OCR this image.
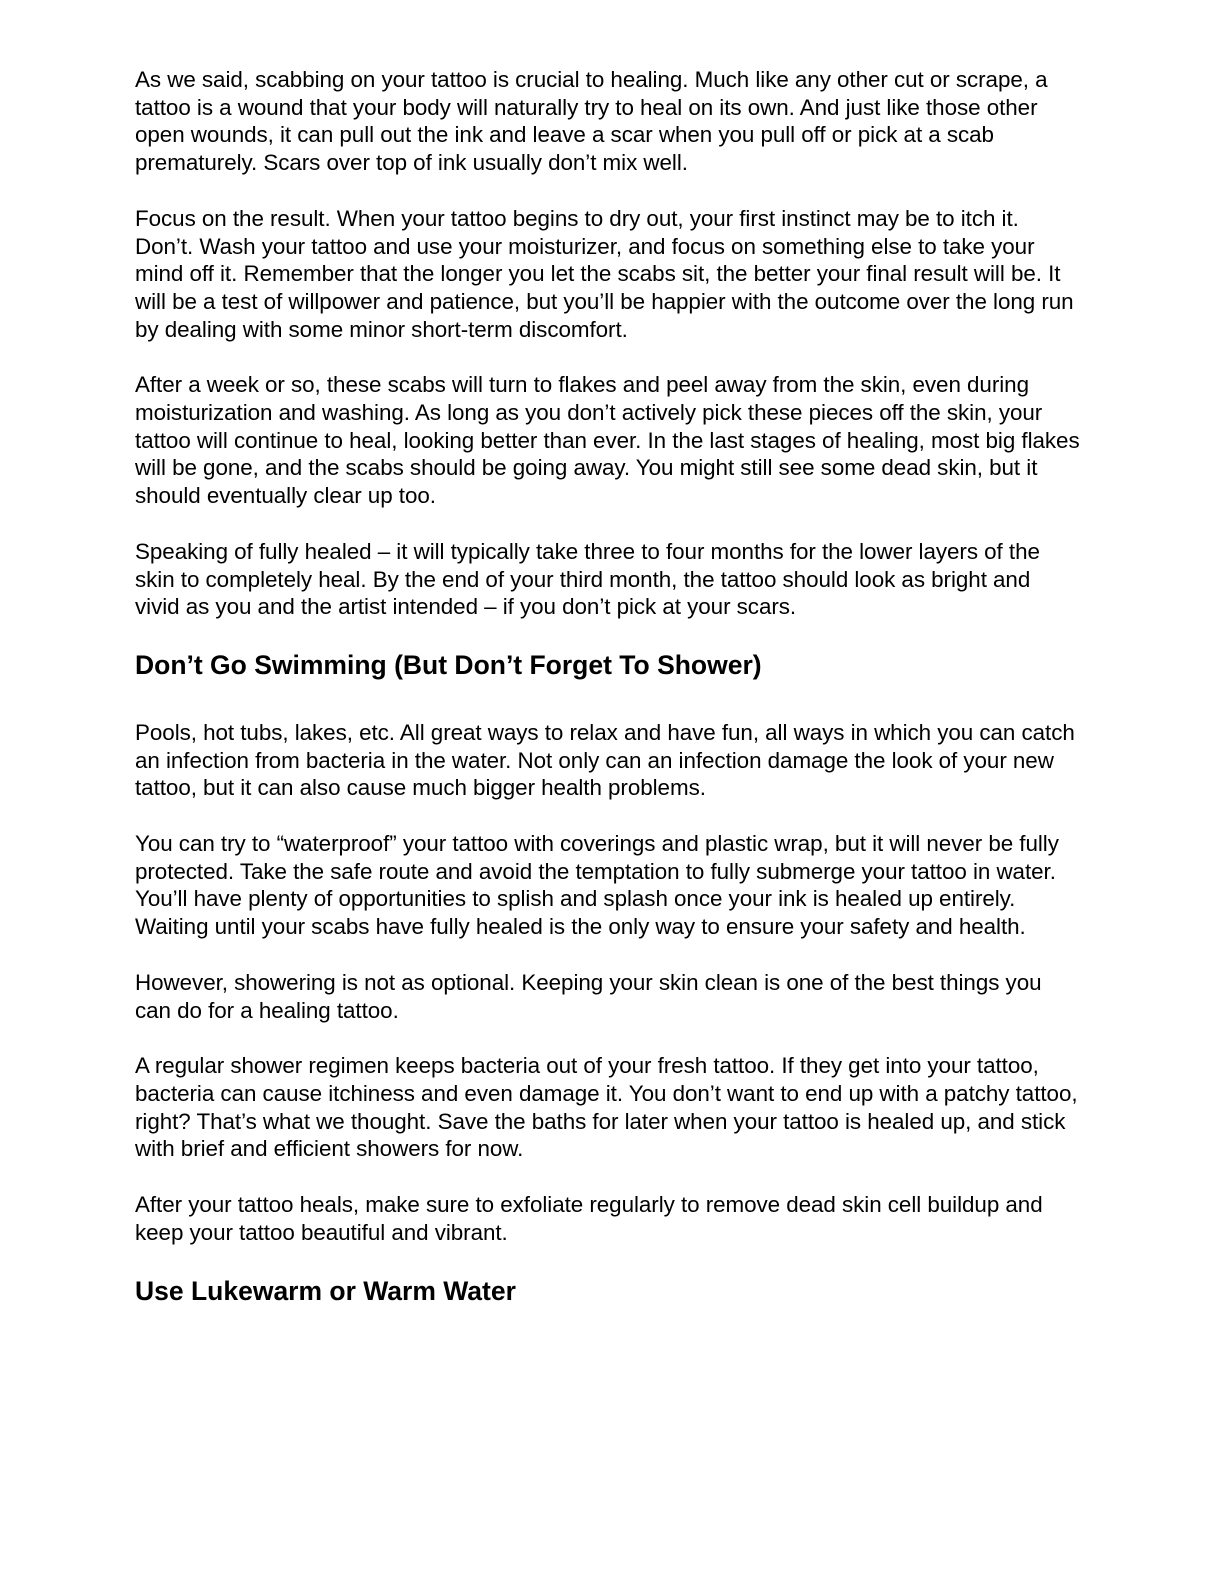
As we said, scabbing on your tattoo is crucial to healing. Much like any other cut or scrape, a tattoo is a wound that your body will naturally try to heal on its own. And just like those other open wounds, it can pull out the ink and leave a scar when you pull off or pick at a scab prematurely. Scars over top of ink usually don’t mix well.

Focus on the result. When your tattoo begins to dry out, your first instinct may be to itch it. Don’t. Wash your tattoo and use your moisturizer, and focus on something else to take your mind off it. Remember that the longer you let the scabs sit, the better your final result will be. It will be a test of willpower and patience, but you’ll be happier with the outcome over the long run by dealing with some minor short-term discomfort.

After a week or so, these scabs will turn to flakes and peel away from the skin, even during moisturization and washing. As long as you don’t actively pick these pieces off the skin, your tattoo will continue to heal, looking better than ever. In the last stages of healing, most big flakes will be gone, and the scabs should be going away. You might still see some dead skin, but it should eventually clear up too.

Speaking of fully healed – it will typically take three to four months for the lower layers of the skin to completely heal. By the end of your third month, the tattoo should look as bright and vivid as you and the artist intended – if you don’t pick at your scars.

Don’t Go Swimming (But Don’t Forget To Shower)

Pools, hot tubs, lakes, etc. All great ways to relax and have fun, all ways in which you can catch an infection from bacteria in the water. Not only can an infection damage the look of your new tattoo, but it can also cause much bigger health problems.

You can try to “waterproof” your tattoo with coverings and plastic wrap, but it will never be fully protected. Take the safe route and avoid the temptation to fully submerge your tattoo in water. You’ll have plenty of opportunities to splish and splash once your ink is healed up entirely. Waiting until your scabs have fully healed is the only way to ensure your safety and health.

However, showering is not as optional. Keeping your skin clean is one of the best things you can do for a healing tattoo.

A regular shower regimen keeps bacteria out of your fresh tattoo. If they get into your tattoo, bacteria can cause itchiness and even damage it. You don’t want to end up with a patchy tattoo, right? That’s what we thought. Save the baths for later when your tattoo is healed up, and stick with brief and efficient showers for now.

After your tattoo heals, make sure to exfoliate regularly to remove dead skin cell buildup and keep your tattoo beautiful and vibrant.

Use Lukewarm or Warm Water
